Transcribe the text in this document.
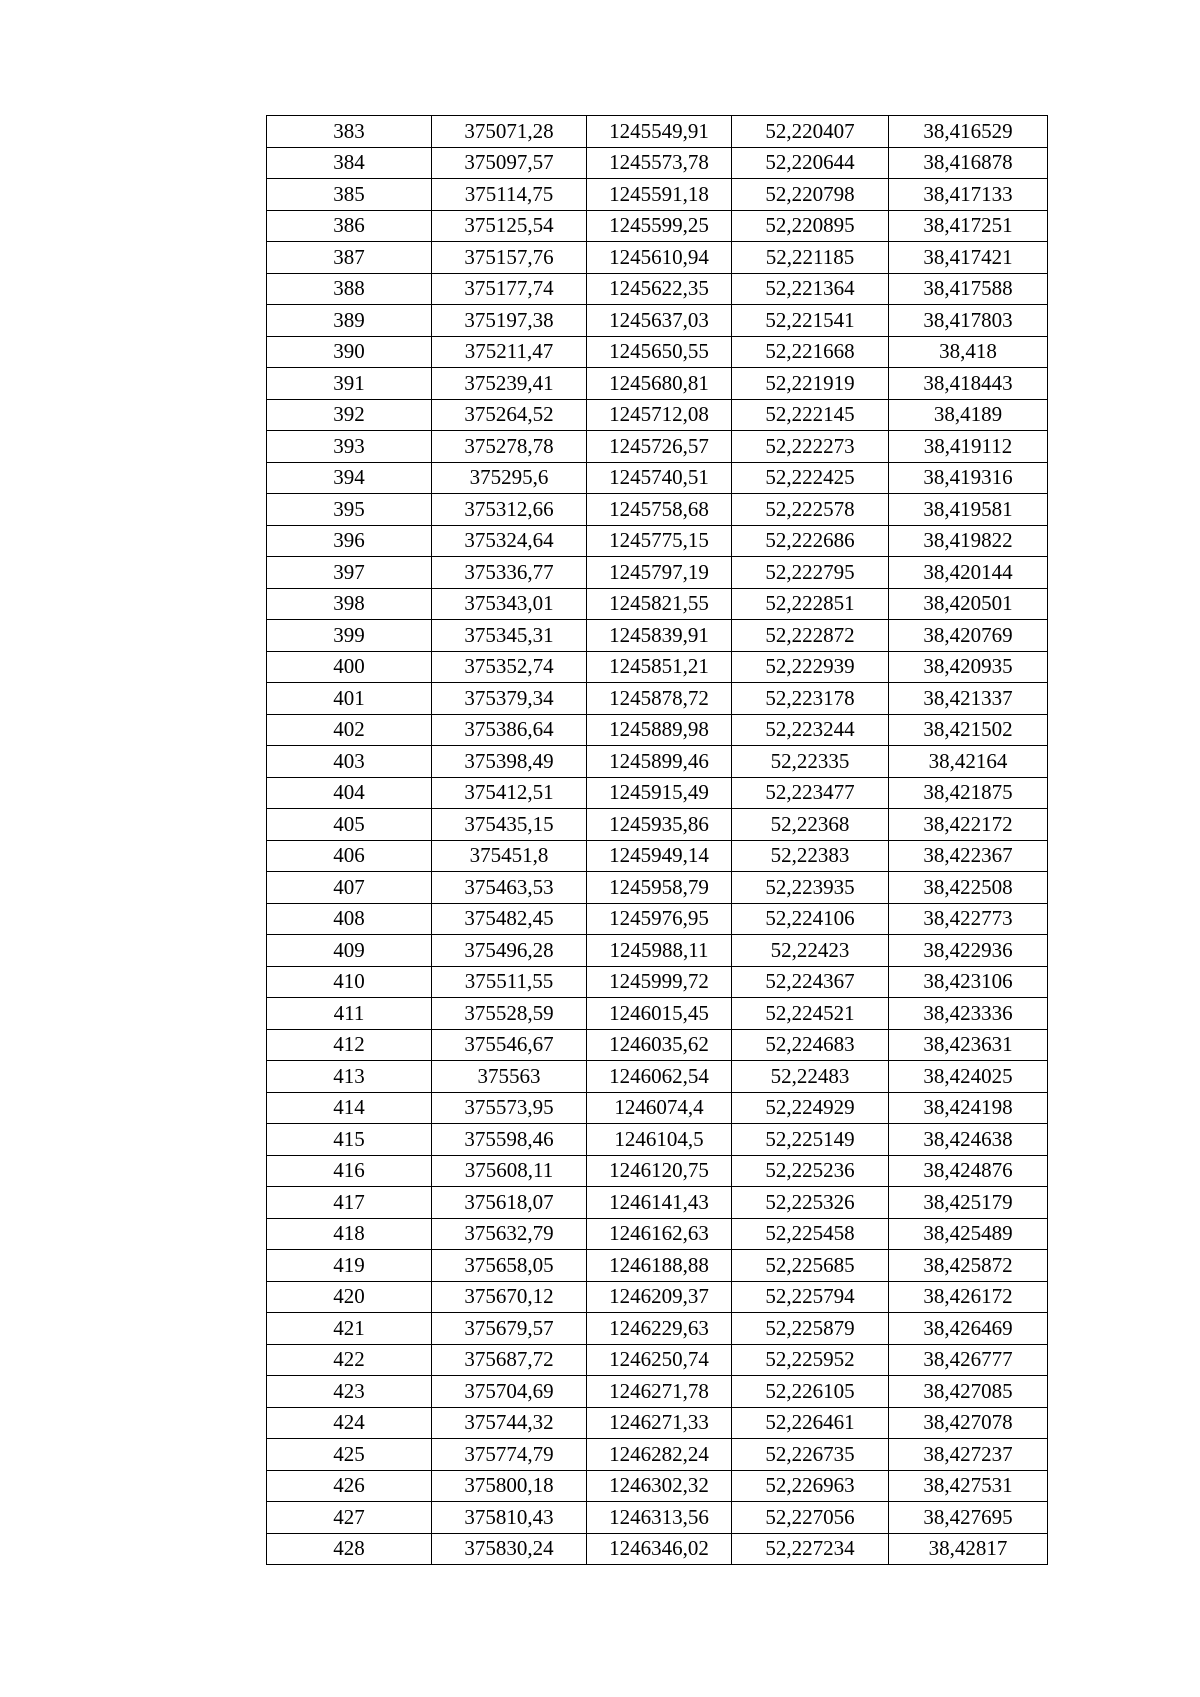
383	375071,28	1245549,91	52,220407	38,416529
384	375097,57	1245573,78	52,220644	38,416878
385	375114,75	1245591,18	52,220798	38,417133
386	375125,54	1245599,25	52,220895	38,417251
387	375157,76	1245610,94	52,221185	38,417421
388	375177,74	1245622,35	52,221364	38,417588
389	375197,38	1245637,03	52,221541	38,417803
390	375211,47	1245650,55	52,221668	38,418
391	375239,41	1245680,81	52,221919	38,418443
392	375264,52	1245712,08	52,222145	38,4189
393	375278,78	1245726,57	52,222273	38,419112
394	375295,6	1245740,51	52,222425	38,419316
395	375312,66	1245758,68	52,222578	38,419581
396	375324,64	1245775,15	52,222686	38,419822
397	375336,77	1245797,19	52,222795	38,420144
398	375343,01	1245821,55	52,222851	38,420501
399	375345,31	1245839,91	52,222872	38,420769
400	375352,74	1245851,21	52,222939	38,420935
401	375379,34	1245878,72	52,223178	38,421337
402	375386,64	1245889,98	52,223244	38,421502
403	375398,49	1245899,46	52,22335	38,42164
404	375412,51	1245915,49	52,223477	38,421875
405	375435,15	1245935,86	52,22368	38,422172
406	375451,8	1245949,14	52,22383	38,422367
407	375463,53	1245958,79	52,223935	38,422508
408	375482,45	1245976,95	52,224106	38,422773
409	375496,28	1245988,11	52,22423	38,422936
410	375511,55	1245999,72	52,224367	38,423106
411	375528,59	1246015,45	52,224521	38,423336
412	375546,67	1246035,62	52,224683	38,423631
413	375563	1246062,54	52,22483	38,424025
414	375573,95	1246074,4	52,224929	38,424198
415	375598,46	1246104,5	52,225149	38,424638
416	375608,11	1246120,75	52,225236	38,424876
417	375618,07	1246141,43	52,225326	38,425179
418	375632,79	1246162,63	52,225458	38,425489
419	375658,05	1246188,88	52,225685	38,425872
420	375670,12	1246209,37	52,225794	38,426172
421	375679,57	1246229,63	52,225879	38,426469
422	375687,72	1246250,74	52,225952	38,426777
423	375704,69	1246271,78	52,226105	38,427085
424	375744,32	1246271,33	52,226461	38,427078
425	375774,79	1246282,24	52,226735	38,427237
426	375800,18	1246302,32	52,226963	38,427531
427	375810,43	1246313,56	52,227056	38,427695
428	375830,24	1246346,02	52,227234	38,42817
